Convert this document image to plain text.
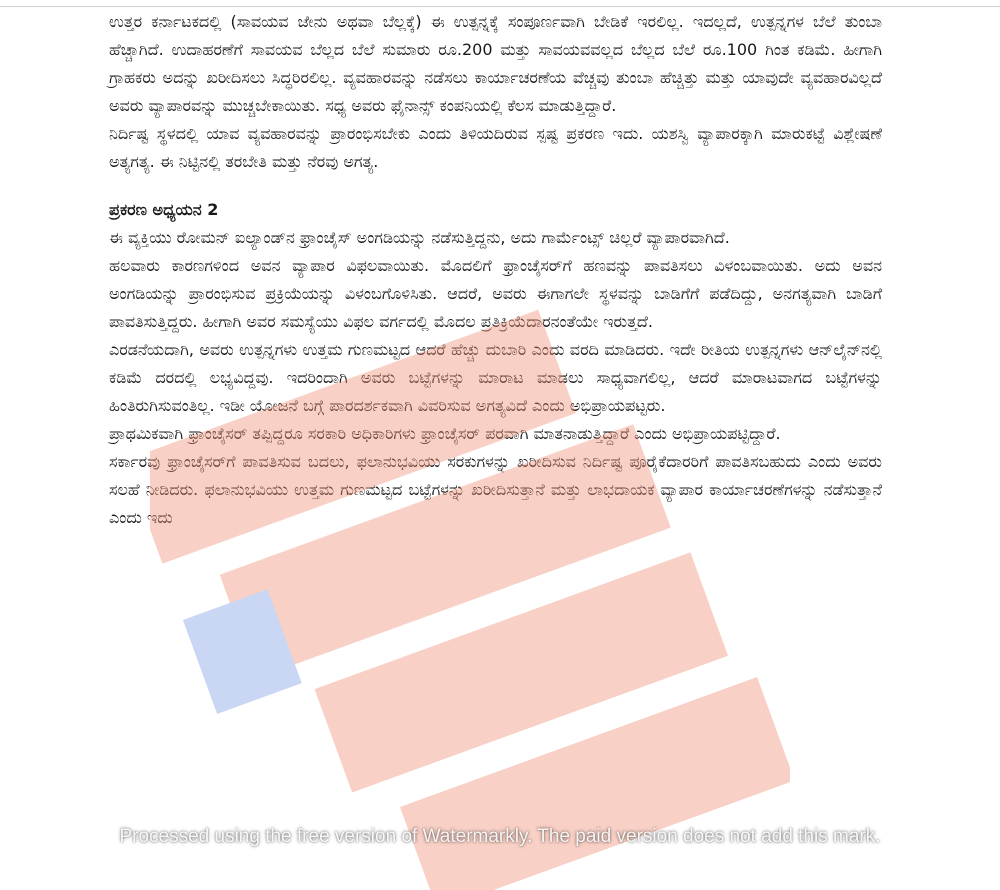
ಉತ್ತರ ಕರ್ನಾಟಕದಲ್ಲಿ (ಸಾವಯವ ಜೇನು ಅಥವಾ ಬೆಲ್ಲಕ್ಕೆ) ಈ ಉತ್ಪನ್ನಕ್ಕೆ ಸಂಪೂರ್ಣವಾಗಿ ಬೇಡಿಕೆ ಇರಲಿಲ್ಲ. ಇದಲ್ಲದೆ, ಉತ್ಪನ್ನಗಳ ಬೆಲೆ ತುಂಬಾ ಹೆಚ್ಚಾಗಿದೆ. ಉದಾಹರಣೆಗೆ ಸಾವಯವ ಬೆಲ್ಲದ ಬೆಲೆ ಸುಮಾರು ರೂ.200 ಮತ್ತು ಸಾವಯವವಲ್ಲದ ಬೆಲ್ಲದ ಬೆಲೆ ರೂ.100 ಗಿಂತ ಕಡಿಮೆ. ಹೀಗಾಗಿ ಗ್ರಾಹಕರು ಅದನ್ನು ಖರೀದಿಸಲು ಸಿದ್ಧರಿರಲಿಲ್ಲ. ವ್ಯವಹಾರವನ್ನು ನಡೆಸಲು ಕಾರ್ಯಾಚರಣೆಯ ವೆಚ್ಚವು ತುಂಬಾ ಹೆಚ್ಚಿತ್ತು ಮತ್ತು ಯಾವುದೇ ವ್ಯವಹಾರವಿಲ್ಲದೆ ಅವರು ವ್ಯಾಪಾರವನ್ನು ಮುಚ್ಚಬೇಕಾಯಿತು. ಸಧ್ಯ ಅವರು ಫೈನಾನ್ಸ್ ಕಂಪನಿಯಲ್ಲಿ ಕೆಲಸ ಮಾಡುತ್ತಿದ್ದಾರೆ.

ನಿರ್ದಿಷ್ಟ ಸ್ಥಳದಲ್ಲಿ ಯಾವ ವ್ಯವಹಾರವನ್ನು ಪ್ರಾರಂಭಿಸಬೇಕು ಎಂದು ತಿಳಿಯದಿರುವ ಸ್ಪಷ್ಟ ಪ್ರಕರಣ ಇದು. ಯಶಸ್ವಿ ವ್ಯಾಪಾರಕ್ಕಾಗಿ ಮಾರುಕಟ್ಟೆ ವಿಶ್ಲೇಷಣೆ ಅತ್ಯಗತ್ಯ. ಈ ನಿಟ್ಟಿನಲ್ಲಿ ತರಬೇತಿ ಮತ್ತು ನೆರವು ಅಗತ್ಯ.

ಪ್ರಕರಣ ಅಧ್ಯಯನ 2

ಈ ವ್ಯಕ್ತಿಯು ರೋಮನ್ ಐಲ್ಯಾಂಡ್‌ನ ಫ್ರಾಂಚೈಸ್ ಅಂಗಡಿಯನ್ನು ನಡೆಸುತ್ತಿದ್ದನು, ಅದು ಗಾರ್ಮೆಂಟ್ಸ್ ಚಿಲ್ಲರೆ ವ್ಯಾಪಾರವಾಗಿದೆ.

ಹಲವಾರು ಕಾರಣಗಳಿಂದ ಅವನ ವ್ಯಾಪಾರ ವಿಫಲವಾಯಿತು. ಮೊದಲಿಗೆ ಫ್ರಾಂಚೈಸರ್‌ಗೆ ಹಣವನ್ನು ಪಾವತಿಸಲು ವಿಳಂಬವಾಯಿತು. ಅದು ಅವನ ಅಂಗಡಿಯನ್ನು ಪ್ರಾರಂಭಿಸುವ ಪ್ರಕ್ರಿಯೆಯನ್ನು ವಿಳಂಬಗೊಳಿಸಿತು. ಆದರೆ, ಅವರು ಈಗಾಗಲೇ ಸ್ಥಳವನ್ನು ಬಾಡಿಗೆಗೆ ಪಡೆದಿದ್ದು, ಅನಗತ್ಯವಾಗಿ ಬಾಡಿಗೆ ಪಾವತಿಸುತ್ತಿದ್ದರು. ಹೀಗಾಗಿ ಅವರ ಸಮಸ್ಯೆಯು ವಿಫಲ ವರ್ಗದಲ್ಲಿ ಮೊದಲ ಪ್ರತಿಕ್ರಿಯೆದಾರನಂತೆಯೇ ಇರುತ್ತದೆ.

ಎರಡನೆಯದಾಗಿ, ಅವರು ಉತ್ಪನ್ನಗಳು ಉತ್ತಮ ಗುಣಮಟ್ಟದ ಆದರೆ ಹೆಚ್ಚು ದುಬಾರಿ ಎಂದು ವರದಿ ಮಾಡಿದರು. ಇದೇ ರೀತಿಯ ಉತ್ಪನ್ನಗಳು ಆನ್‌ಲೈನ್‌ನಲ್ಲಿ ಕಡಿಮೆ ದರದಲ್ಲಿ ಲಭ್ಯವಿದ್ದವು. ಇದರಿಂದಾಗಿ ಅವರು ಬಟ್ಟೆಗಳನ್ನು ಮಾರಾಟ ಮಾಡಲು ಸಾಧ್ಯವಾಗಲಿಲ್ಲ, ಆದರೆ ಮಾರಾಟವಾಗದ ಬಟ್ಟೆಗಳನ್ನು ಹಿಂತಿರುಗಿಸುವಂತಿಲ್ಲ. ಇಡೀ ಯೋಜನೆ ಬಗ್ಗೆ ಪಾರದರ್ಶಕವಾಗಿ ವಿವರಿಸುವ ಅಗತ್ಯವಿದೆ ಎಂದು ಅಭಿಪ್ರಾಯಪಟ್ಟರು.

ಪ್ರಾಥಮಿಕವಾಗಿ ಫ್ರಾಂಚೈಸರ್ ತಪ್ಪಿದ್ದರೂ ಸರಕಾರಿ ಅಧಿಕಾರಿಗಳು ಫ್ರಾಂಚೈಸರ್ ಪರವಾಗಿ ಮಾತನಾಡುತ್ತಿದ್ದಾರೆ ಎಂದು ಅಭಿಪ್ರಾಯಪಟ್ಟಿದ್ದಾರೆ.

ಸರ್ಕಾರವು ಫ್ರಾಂಚೈಸರ್‌ಗೆ ಪಾವತಿಸುವ ಬದಲು, ಫಲಾನುಭವಿಯು ಸರಕುಗಳನ್ನು ಖರೀದಿಸುವ ನಿರ್ದಿಷ್ಟ ಪೂರೈಕೆದಾರರಿಗೆ ಪಾವತಿಸಬಹುದು ಎಂದು ಅವರು ಸಲಹೆ ನೀಡಿದರು. ಫಲಾನುಭವಿಯು ಉತ್ತಮ ಗುಣಮಟ್ಟದ ಬಟ್ಟೆಗಳನ್ನು ಖರೀದಿಸುತ್ತಾನೆ ಮತ್ತು ಲಾಭದಾಯಕ ವ್ಯಾಪಾರ ಕಾರ್ಯಾಚರಣೆಗಳನ್ನು ನಡೆಸುತ್ತಾನೆ ಎಂದು ಇದು

Processed using the free version of Watermarkly. The paid version does not add this mark.
